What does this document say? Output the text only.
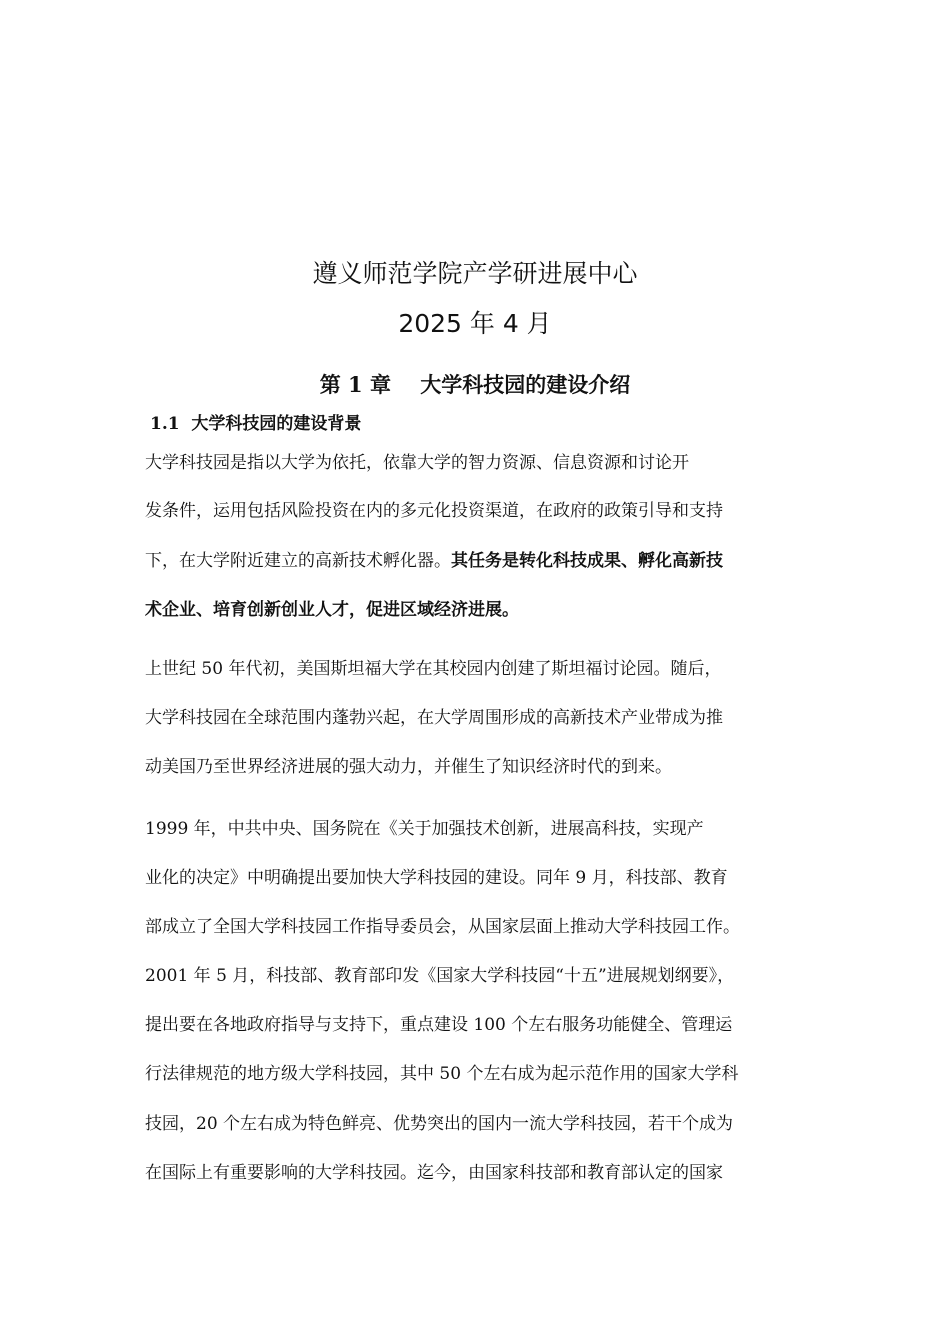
遵义师范学院产学研进展中心
2025 年 4 月
第 1 章    大学科技园的建设介绍
1.1  大学科技园的建设背景
大学科技园是指以大学为依托，依靠大学的智力资源、信息资源和讨论开
发条件，运用包括风险投资在内的多元化投资渠道，在政府的政策引导和支持
下，在大学附近建立的高新技术孵化器。其任务是转化科技成果、孵化高新技
术企业、培育创新创业人才，促进区域经济进展。
上世纪 50 年代初，美国斯坦福大学在其校园内创建了斯坦福讨论园。随后，
大学科技园在全球范围内蓬勃兴起，在大学周围形成的高新技术产业带成为推
动美国乃至世界经济进展的强大动力，并催生了知识经济时代的到来。
1999 年，中共中央、国务院在《关于加强技术创新，进展高科技，实现产
业化的决定》中明确提出要加快大学科技园的建设。同年 9 月，科技部、教育
部成立了全国大学科技园工作指导委员会，从国家层面上推动大学科技园工作。
2001 年 5 月，科技部、教育部印发《国家大学科技园“十五”进展规划纲要》，
提出要在各地政府指导与支持下，重点建设 100 个左右服务功能健全、管理运
行法律规范的地方级大学科技园，其中 50 个左右成为起示范作用的国家大学科
技园，20 个左右成为特色鲜亮、优势突出的国内一流大学科技园，若干个成为
在国际上有重要影响的大学科技园。迄今，由国家科技部和教育部认定的国家
